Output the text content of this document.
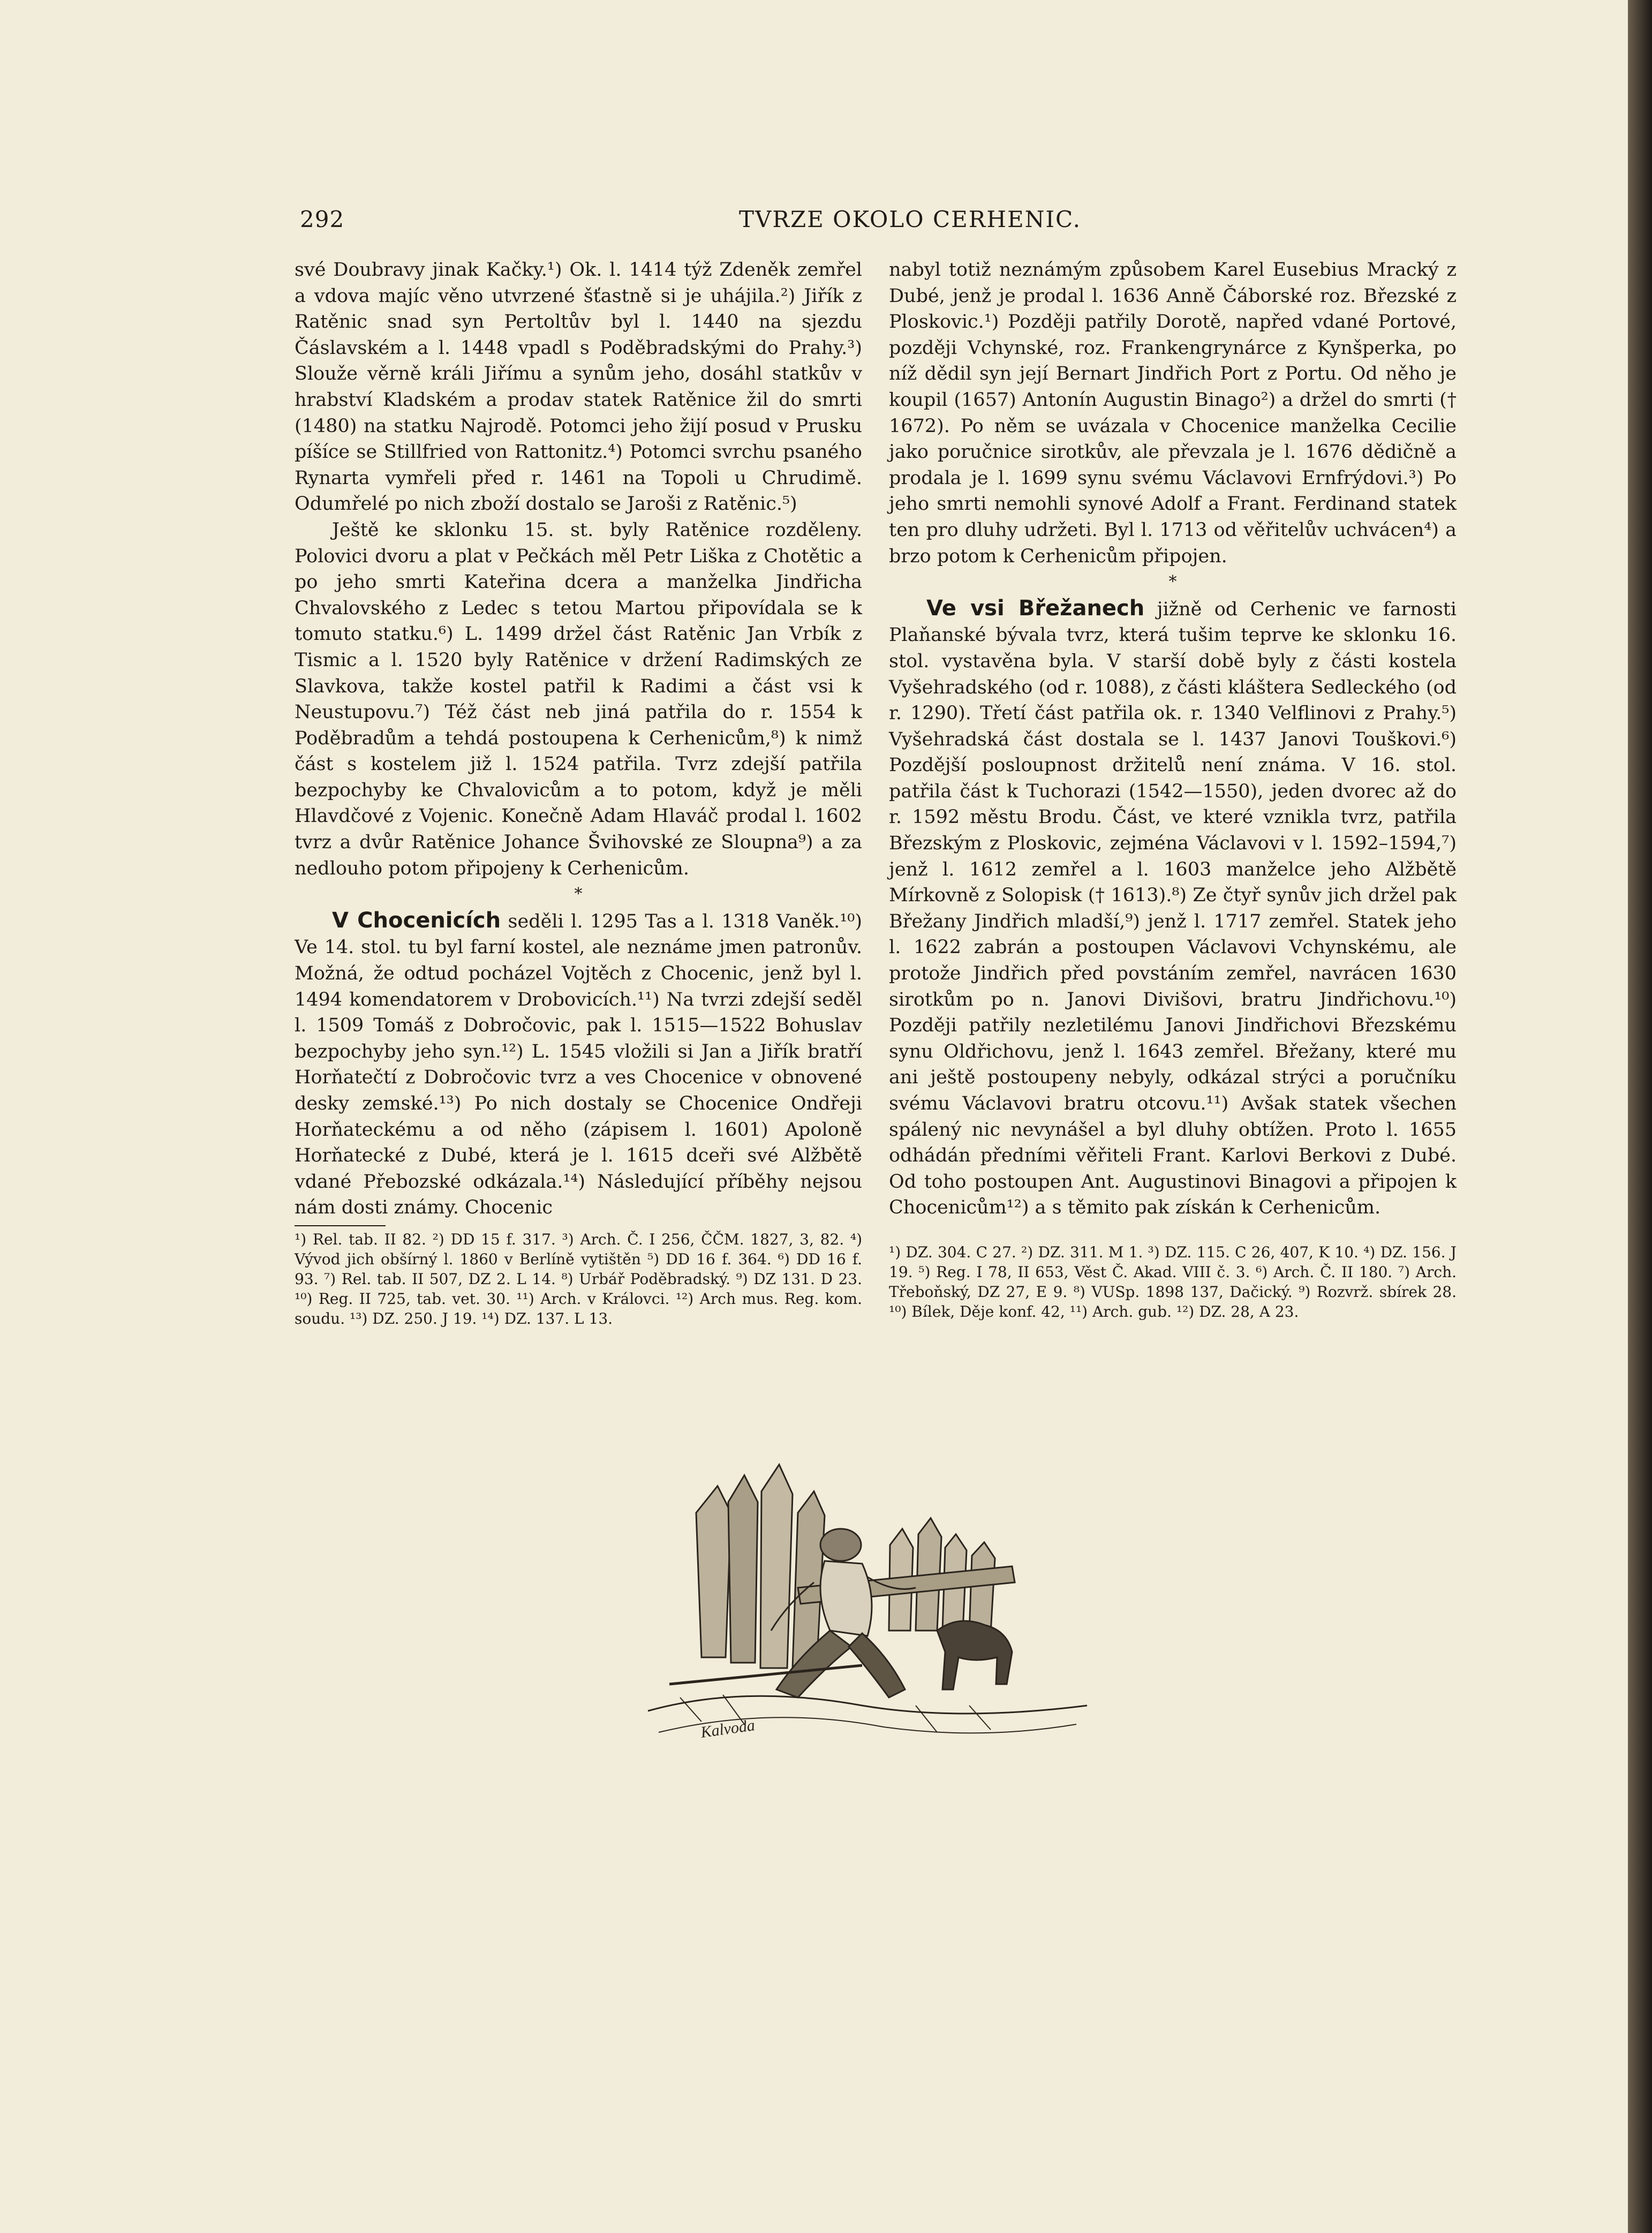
292	TVRZE OKOLO CERHENIC.

své Doubravy jinak Kačky.¹) Ok. l. 1414 týž Zdeněk zemřel a vdova majíc věno utvrzené šťastně si je uhájila.²) Jiřík z Ratěnic snad syn Pertoltův byl l. 1440 na sjezdu Čáslavském a l. 1448 vpadl s Poděbradskými do Prahy.³) Slouže věrně králi Jiřímu a synům jeho, dosáhl statkův v hrabství Kladském a prodav statek Ratěnice žil do smrti (1480) na statku Najrodě. Potomci jeho žijí posud v Prusku píšíce se Stillfried von Rattonitz.⁴) Potomci svrchu psaného Rynarta vymřeli před r. 1461 na Topoli u Chrudimě. Odumřelé po nich zboží dostalo se Jaroši z Ratěnic.⁵)

Ještě ke sklonku 15. st. byly Ratěnice rozděleny. Polovici dvoru a plat v Pečkách měl Petr Liška z Chotětic a po jeho smrti Kateřina dcera a manželka Jindřicha Chvalovského z Ledec s tetou Martou připovídala se k tomuto statku.⁶) L. 1499 držel část Ratěnic Jan Vrbík z Tismic a l. 1520 byly Ratěnice v držení Radimských ze Slavkova, takže kostel patřil k Radimi a část vsi k Neustupovu.⁷) Též část neb jiná patřila do r. 1554 k Poděbradům a tehdá postoupena k Cerhenicům,⁸) k nimž část s kostelem již l. 1524 patřila. Tvrz zdejší patřila bezpochyby ke Chvalovicům a to potom, když je měli Hlavdčové z Vojenic. Konečně Adam Hlaváč prodal l. 1602 tvrz a dvůr Ratěnice Johance Švihovské ze Sloupna⁹) a za nedlouho potom připojeny k Cerhenicům.

*

V Chocenicích seděli l. 1295 Tas a l. 1318 Vaněk.¹⁰) Ve 14. stol. tu byl farní kostel, ale neznáme jmen patronův. Možná, že odtud pocházel Vojtěch z Chocenic, jenž byl l. 1494 komendatorem v Drobovicích.¹¹) Na tvrzi zdejší seděl l. 1509 Tomáš z Dobročovic, pak l. 1515—1522 Bohuslav bezpochyby jeho syn.¹²) L. 1545 vložili si Jan a Jiřík bratří Horňatečtí z Dobročovic tvrz a ves Chocenice v obnovené desky zemské.¹³) Po nich dostaly se Chocenice Ondřeji Horňateckému a od něho (zápisem l. 1601) Apoloně Horňatecké z Dubé, která je l. 1615 dceři své Alžbětě vdané Přebozské odkázala.¹⁴) Následující příběhy nejsou nám dosti známy. Chocenic

¹) Rel. tab. II 82. ²) DD 15 f. 317. ³) Arch. Č. I 256, ČČM. 1827, 3, 82. ⁴) Vývod jich obšírný l. 1860 v Berlíně vytištěn ⁵) DD 16 f. 364. ⁶) DD 16 f. 93. ⁷) Rel. tab. II 507, DZ 2. L 14. ⁸) Urbář Poděbradský. ⁹) DZ 131. D 23. ¹⁰) Reg. II 725, tab. vet. 30. ¹¹) Arch. v Královci. ¹²) Arch mus. Reg. kom. soudu. ¹³) DZ. 250. J 19. ¹⁴) DZ. 137. L 13.

nabyl totiž neznámým způsobem Karel Eusebius Mracký z Dubé, jenž je prodal l. 1636 Anně Čáborské roz. Březské z Ploskovic.¹) Později patřily Dorotě, napřed vdané Portové, později Vchynské, roz. Frankengrynárce z Kynšperka, po níž dědil syn její Bernart Jindřich Port z Portu. Od něho je koupil (1657) Antonín Augustin Binago²) a držel do smrti († 1672). Po něm se uvázala v Chocenice manželka Cecilie jako poručnice sirotkův, ale převzala je l. 1676 dědičně a prodala je l. 1699 synu svému Václavovi Ernfrýdovi.³) Po jeho smrti nemohli synové Adolf a Frant. Ferdinand statek ten pro dluhy udržeti. Byl l. 1713 od věřitelův uchvácen⁴) a brzo potom k Cerhenicům připojen.

*

Ve vsi Břežanech jižně od Cerhenic ve farnosti Plaňanské bývala tvrz, která tušim teprve ke sklonku 16. stol. vystavěna byla. V starší době byly z části kostela Vyšehradského (od r. 1088), z části kláštera Sedleckého (od r. 1290). Třetí část patřila ok. r. 1340 Velflinovi z Prahy.⁵) Vyšehradská část dostala se l. 1437 Janovi Touškovi.⁶) Pozdější posloupnost držitelů není známa. V 16. stol. patřila část k Tuchorazi (1542—1550), jeden dvorec až do r. 1592 městu Brodu. Část, ve které vznikla tvrz, patřila Březským z Ploskovic, zejména Václavovi v l. 1592–1594,⁷) jenž l. 1612 zemřel a l. 1603 manželce jeho Alžbětě Mírkovně z Solopisk († 1613).⁸) Ze čtyř synův jich držel pak Břežany Jindřich mladší,⁹) jenž l. 1717 zemřel. Statek jeho l. 1622 zabrán a postoupen Václavovi Vchynskému, ale protože Jindřich před povstáním zemřel, navrácen 1630 sirotkům po n. Janovi Divišovi, bratru Jindřichovu.¹⁰) Později patřily nezletilému Janovi Jindřichovi Březskému synu Oldřichovu, jenž l. 1643 zemřel. Břežany, které mu ani ještě postoupeny nebyly, odkázal strýci a poručníku svému Václavovi bratru otcovu.¹¹) Avšak statek všechen spálený nic nevynášel a byl dluhy obtížen. Proto l. 1655 odhádán předními věřiteli Frant. Karlovi Berkovi z Dubé. Od toho postoupen Ant. Augustinovi Binagovi a připojen k Chocenicům¹²) a s těmito pak získán k Cerhenicům.

¹) DZ. 304. C 27. ²) DZ. 311. M 1. ³) DZ. 115. C 26, 407, K 10. ⁴) DZ. 156. J 19. ⁵) Reg. I 78, II 653, Věst Č. Akad. VIII č. 3. ⁶) Arch. Č. II 180. ⁷) Arch. Třeboňský, DZ 27, E 9. ⁸) VUSp. 1898 137, Dačický. ⁹) Rozvrž. sbírek 28. ¹⁰) Bílek, Děje konf. 42, ¹¹) Arch. gub. ¹²) DZ. 28, A 23.

Kalvoda
